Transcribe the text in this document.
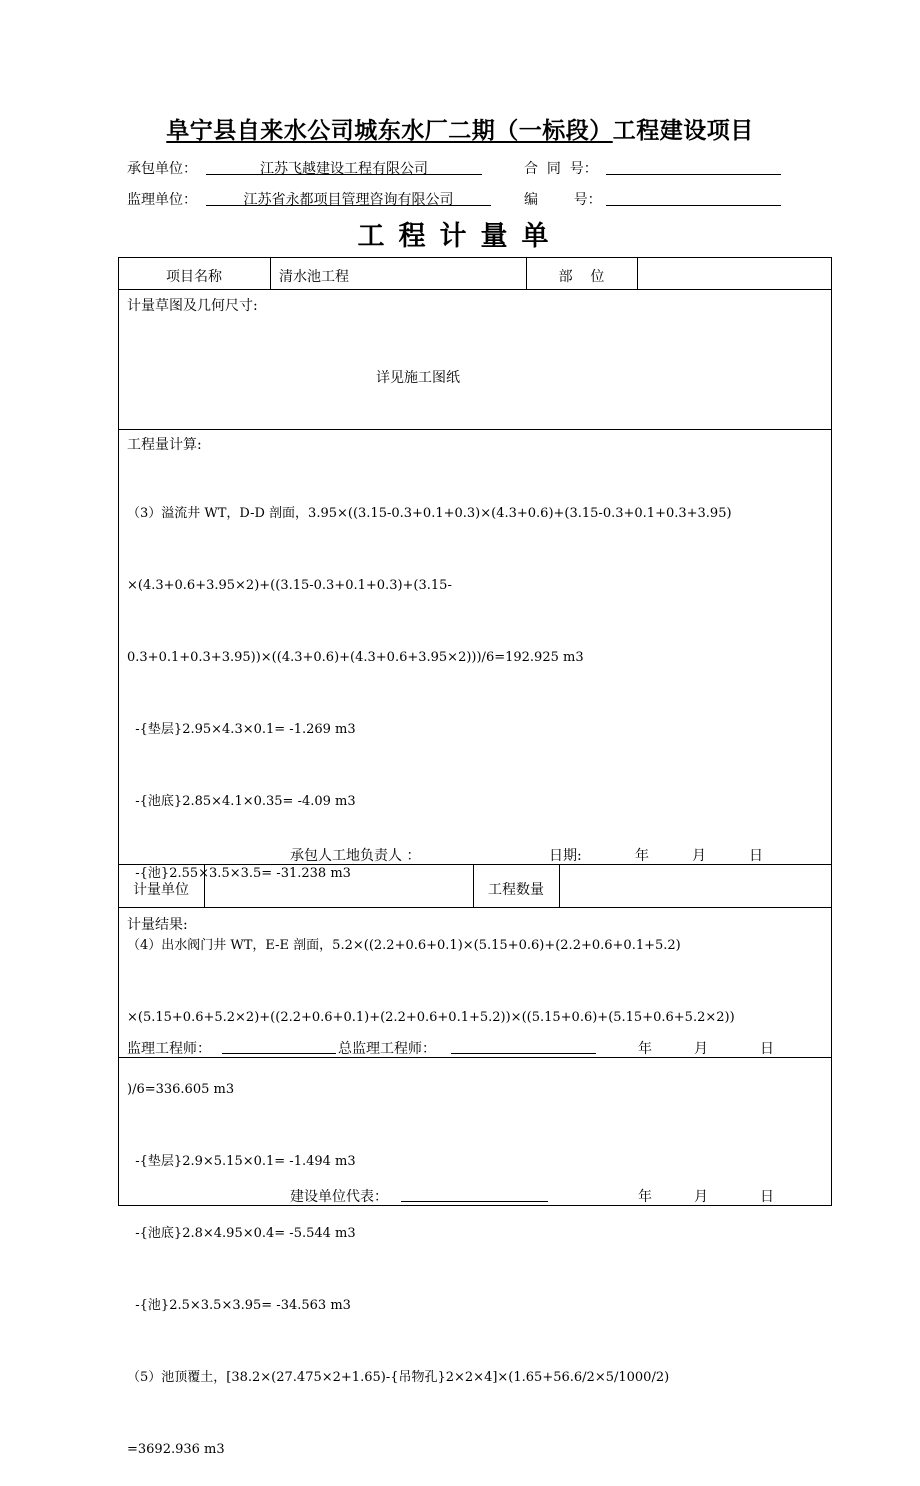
阜宁县自来水公司城东水厂二期（一标段）工程建设项目
承包单位：	江苏飞越建设工程有限公司	合  同  号：
监理单位：	江苏省永都项目管理咨询有限公司	编        号：
工程计量单
项目名称	清水池工程	部    位
计量草图及几何尺寸:
详见施工图纸
工程量计算:

（3）溢流井 WT，D-D 剖面，3.95×((3.15-0.3+0.1+0.3)×(4.3+0.6)+(3.15-0.3+0.1+0.3+3.95)

×(4.3+0.6+3.95×2)+((3.15-0.3+0.1+0.3)+(3.15-

0.3+0.1+0.3+3.95))×((4.3+0.6)+(4.3+0.6+3.95×2)))/6=192.925 m3

-{垫层}2.95×4.3×0.1= -1.269 m3

-{池底}2.85×4.1×0.35= -4.09 m3

-{池}2.55×3.5×3.5= -31.238 m3

（4）出水阀门井 WT，E-E 剖面，5.2×((2.2+0.6+0.1)×(5.15+0.6)+(2.2+0.6+0.1+5.2)

×(5.15+0.6+5.2×2)+((2.2+0.6+0.1)+(2.2+0.6+0.1+5.2))×((5.15+0.6)+(5.15+0.6+5.2×2))

)/6=336.605 m3

-{垫层}2.9×5.15×0.1= -1.494 m3

-{池底}2.8×4.95×0.4= -5.544 m3

-{池}2.5×3.5×3.95= -34.563 m3

（5）池顶覆土，[38.2×(27.475×2+1.65)-{吊物孔}2×2×4]×(1.65+56.6/2×5/1000/2)

=3692.936 m3

承包人工地负责人 ：	日期:	年	月	日
计量单位	工程数量
计量结果:
监理工程师：	总监理工程师：	年	月	日
建设单位代表：	年	月	日
